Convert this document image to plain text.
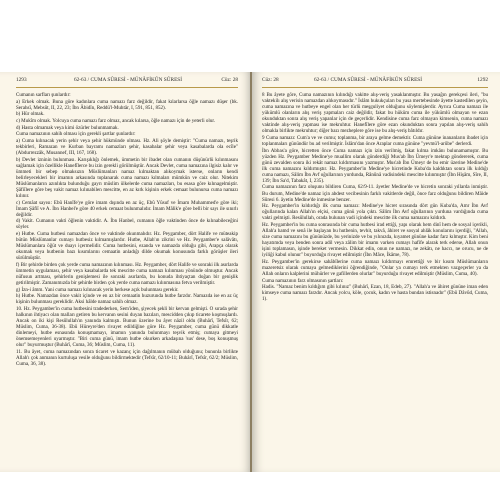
1293	62-63 / CUMA SÛRESİ - MÜNÂFİKÛN SÛRESİ	Cüz: 28

Cumanın sarfları şunlardır:

a) Erkek olmak. Buna göre kadınlara cuma namazı farz değildir, fakat kılarlarsa öğle namazı düşer (bk. Serahsî, Mebsût, II, 22, 23; İbn Âbidîn, Reddü'l-Muhtâr, I, 591, 851, 852).

b) Hür olmak.

c) Mukîm olmak. Yolcuya cuma namazı farz olmaz, ancak kılarsa, öğle namazı için de yeterli olur.

d) Hasta olmamak veya kimi özürler bulunmamak.

Cuma namazının sahih olması için gerekli şartlar şunlardır:

a) Cuma kılınacak yerin şehir veya şehir hükmünde olması. Hz. Ali şöyle demiştir: "Cuma namazı, teşrik tekbirleri, Ramazan ve Kurban bayramı namazları şehir, kasabalar şehir veya kasabalarda ola ecîle" (Abdurrezzâk, Musannef, III, 167, 168).

b) Devlet izninin bulunması. Karışıklığı önlemek, ümmetin bir ibadet olan cumanın düşünürlü kılınmasını sağlamak için özellikle Hanefîlerce bu izin gerekli görülmüştür. Ancak Devlet, cuma namazına ilgisiz kalır ve ümmeti bir sebep olmaksızın Müslümanları namaz kılmaktan alıkoymak isterse, onların kendi belirleyecekleri bir imamın arkasında toplanarak cuma namazı kılmaları mümkün ve caiz olur. Nitekim Müslümanların azınlıkta bulunduğu gayrı müslim ülkelerde cuma namazları, bu esasa göre kılınagelmiştir. Şâfiîlere göre beş vakit namaz kılınabilen mescitte, en az kırk kişinin erkek cemaat bulunursa cuma namazı kılınır.

c) Cemâat sayısı: Ebû Hanîfe'ye göre imam dışında en az üç, Ebû Yûsuf ve İmam Muhammed'e göre iki; İmam Şâfiî ve A. İbn Hanbel'e göre 40 erkek cemaat bulunmalıdır. İmam Mâlik'e göre belli bir sayı ile sınırlı değildir.

d) Vakit. Cumanın vakti öğlenin vaktidir. A. İbn Hanbel, cumanın öğle vaktinden önce de kılınabileceğini söyler.

e) Hutbe. Cuma hutbesi namazdan önce ve vaktinde okunmalıdır. Hz. Peygamber, dört Halife ve müteakip bütün Müslümanlar cumayı hutbesiz kılmamışlardır. Hutbe, Allah'ın zikrini ve Hz. Peygamber'e salâvâtı, Müslümanlara öğüt ve duayı içermelidir. Cuma hutbesini, ezanda ve namazda olduğu gibi, Arapça olarak okumak veya hutbenin bazı kısımlarını cemaatin anladığı dilde okumak konusunda farklı görüşler ileri sürülmüştür.

f) Bir şehirde birden çok yerde cuma namazının kılınması. Hz. Peygamber, dört Halife ve sonraki ilk asırlarda ümmetin uygulaması, şehir veya kasabalarda tek mescitte cuma namazı kılınması yönünde olmuştur. Ancak nüfusun artması, şehirlerin genişlemesi ile sonraki asırlarda, bu konuda ihtiyaçtan doğan bir genişlik getirilmiştir. Zamanımızda bir şehirde birden çok yerde cuma namazı kılınmasına fetva verilmiştir.

g) İzn-i âmm. Yani cuma namazı kılınacak yerin herkese açık bulunması gerekir.

h) Hutbe. Namazdan önce vakit içinde ve en az bir cemaatin huzurunda hutbe farzdır. Namazda ise en az üç kişinin bulunması gereklidir. Aksi hâlde namaz sahih olmaz.

10. Hz. Peygamber'in cuma hutbesini tradederken, Sem'iden, şiyecek şekli bir kervan gelmişti. O sırada şehir halkının ihtiyacı olan malları getiren bu kervanın sesini duyan bazıları, mescidden çıkıp ticarete koşmuşlardı. Ancak on iki kişi Resûlullah'ın yanında kalmıştı. Bunun üzerine bu âyet nâzil oldu (Buhârî, Tefsîr, 62; Müslim, Cuma, 36-38). Ebû Hüreyre'den rivayet edildiğine göre Hz. Peygamber, cuma günü dikkatle dinlemeyi, hutbe esnasında konuşmamayı, imamın yanında bulunmayı teşvik etmiş; cumaya gitmeyi önemsemeyenleri uyarmıştır. "Biri cuma günü, imam hutbe okurken arkadaşına 'sus' dese, boş konuşmuş olur" buyurmuştur (Buhârî, Cuma, 36; Müslim, Cuma, 11).

11. Bu âyet, cuma namazından sonra ticaret ve kazanç için dağılmanın mübah olduğunu; bununla birlikte Allah'ı çok anmanın kurtuluşa vesile olduğunu bildirmektedir (Tefsîr, 62/10-11; Buhârî, Tefsîr, 62/2; Müslim, Cuma, 36, 38).

Cüz: 28	62-63 / CUMA SÛRESİ - MÜNÂFİKÛN SÛRESİ	1292

8 Bu âyete göre, Cuma namazının kılındığı vakitte alış-veriş yasaklanmıştır. Bu yasağın gerekçesi ileri, "bu vaktekilı alış verisin namazdan alıkoymasıdır." İslâm hukukçuları bu yasa mertebesinde âyette kastedilen şeyin, cuma namazına ve hutbeye engel olan her türlü meşguliyet olduğunu söylemişlerdir. Ayrıca Cuma namazı ile yükümlü olanların alış veriş yapmaları caiz değildir, fakat bu hüküm cuma ile yükümlü olmayan ve ezan okunduktan sonra alış veriş yapanlar için de geçerlidir. Kendisine cuma farz olmayan kimsenin, cuma namazı vaktinde alış-veriş yapması ise mekruhtur. Hanefîlere göre ezan okunduktan sonra yapılan alış-veriş sahih olmakla birlikte mekruhtur; diğer bazı mezheplere göre ise bu alış-veriş bâtıldır.

9 Cuma namazı: Cum'a ve ve cumu; toplanma, bir araya gelme demektir. Cuma gününe inananların ibadet için toplanmaları günündür bu ad verilmiştir. İslâm'dan önce Araplar cuma gününe "yevmü'l-arûbe" derlerdi.

İbn Abbas'a göre, hicretten önce Cuma namazı için izin verilmiş, fakat kılma imkânı bulunamamıştır. Bu yüzden Hz. Peygamber Medine'ye muallim olarak gönderdiği Mus'ab İbn Ümeyr'e mektup göndererek, cuma günü zevalden sonra iki rekât namaz kıldırmasını yazmıştır. Mus'ab İbn Ümeyr de bu emir üzerine Medine'de ilk cuma namazını kıldırmıştır. Hz. Peygamber'in Medine'ye hicretinde Kuba'da kaldıktan sonra ilk kıldığı cuma namazı, Sâlim İbn Avf oğullarının yurdunda, Rânûnâ vadisindeki mescitte kılınmıştır (İbn Hişâm, Sîre, II, 139; İbn Sa'd, Tabakât, I, 235).

Cuma namazının farz oluşunu bildiren Cuma, 62/9-11. âyetler Medine'de ve hicretin sonraki yıllarda inmiştir. Bu durum, Medine'de namaz için abdest vecibesinin farklı vakitlerde değil, önce farz olduğunu bildiren Mâide Sûresi 6. âyetin Medine'de inmesine benzer.

Hz. Peygamber'in kıldırdığı ilk cuma namazı: Medine'ye hicret sırasında dört gün Kuba'da, Amr İbn Avf oğullarında kalan Allah'ın elçisi, cuma günü yola çıktı. Sâlim İbn Avf oğullarının yurduna vardığında cuma vakti gelmişti. Resûlullah, orada bulunan vadi içindeki mescitte ilk cuma namazını kıldırdı.

Hz. Peygamber'in bu cuma sonrasında bir cuma hutbesi irad ettiği, yapı olarak hem dinî hem de sosyal içerikli, Allah'a hamd ve senâ ile başlayan bu hutbenin, tevhit, takvâ, âhiret ve sosyal ahlâk konularını içerdiği, "Allah, size cuma namazını bu gününüzde, bu yerinizde ve bu yılınızda, kıyamet gününe kadar farz kılmıştır. Kim beni hayatımda veya benden sonra adil veya zâlim bir imamı varken cumayı hafife alarak terk ederse, Allah onun işini toplamasın, işinde bereket vermesin. Dikkat edin, onun ne namazı, ne zekâtı, ne haccı, ne orucu, ne de iyiliği kabul olunur" buyurduğu rivayet edilmiştir (İbn Mâce, İkâme, 78).

Hz. Peygamber'in gerekirse sahâbîlerine cuma namazı kıldırmayı emrettiği ve bir kısım Müslümanların mazeretsiz olarak cumaya gelmediklerini öğrendiğinde, "Onlar ya cumayı terk etmekten vazgeçerler ya da Allah onların kalplerini mühürler ve gafillerden olurlar" buyurduğu rivayet edilmiştir (Müslim, Cuma, 40).

Cuma namazının farz olmasının şartları:

Hadis. "Namaz benim kıldığım gibi kılınız" (Buhârî, Ezan, 18, Edeb, 27). "Allah'a ve âhiret gününe iman eden kimseye cuma namazı farzdır. Ancak yolcu, köle, çocuk, kadın ve hasta bundan istisnadır" (Ebû Dâvûd, Cuma, 1).
